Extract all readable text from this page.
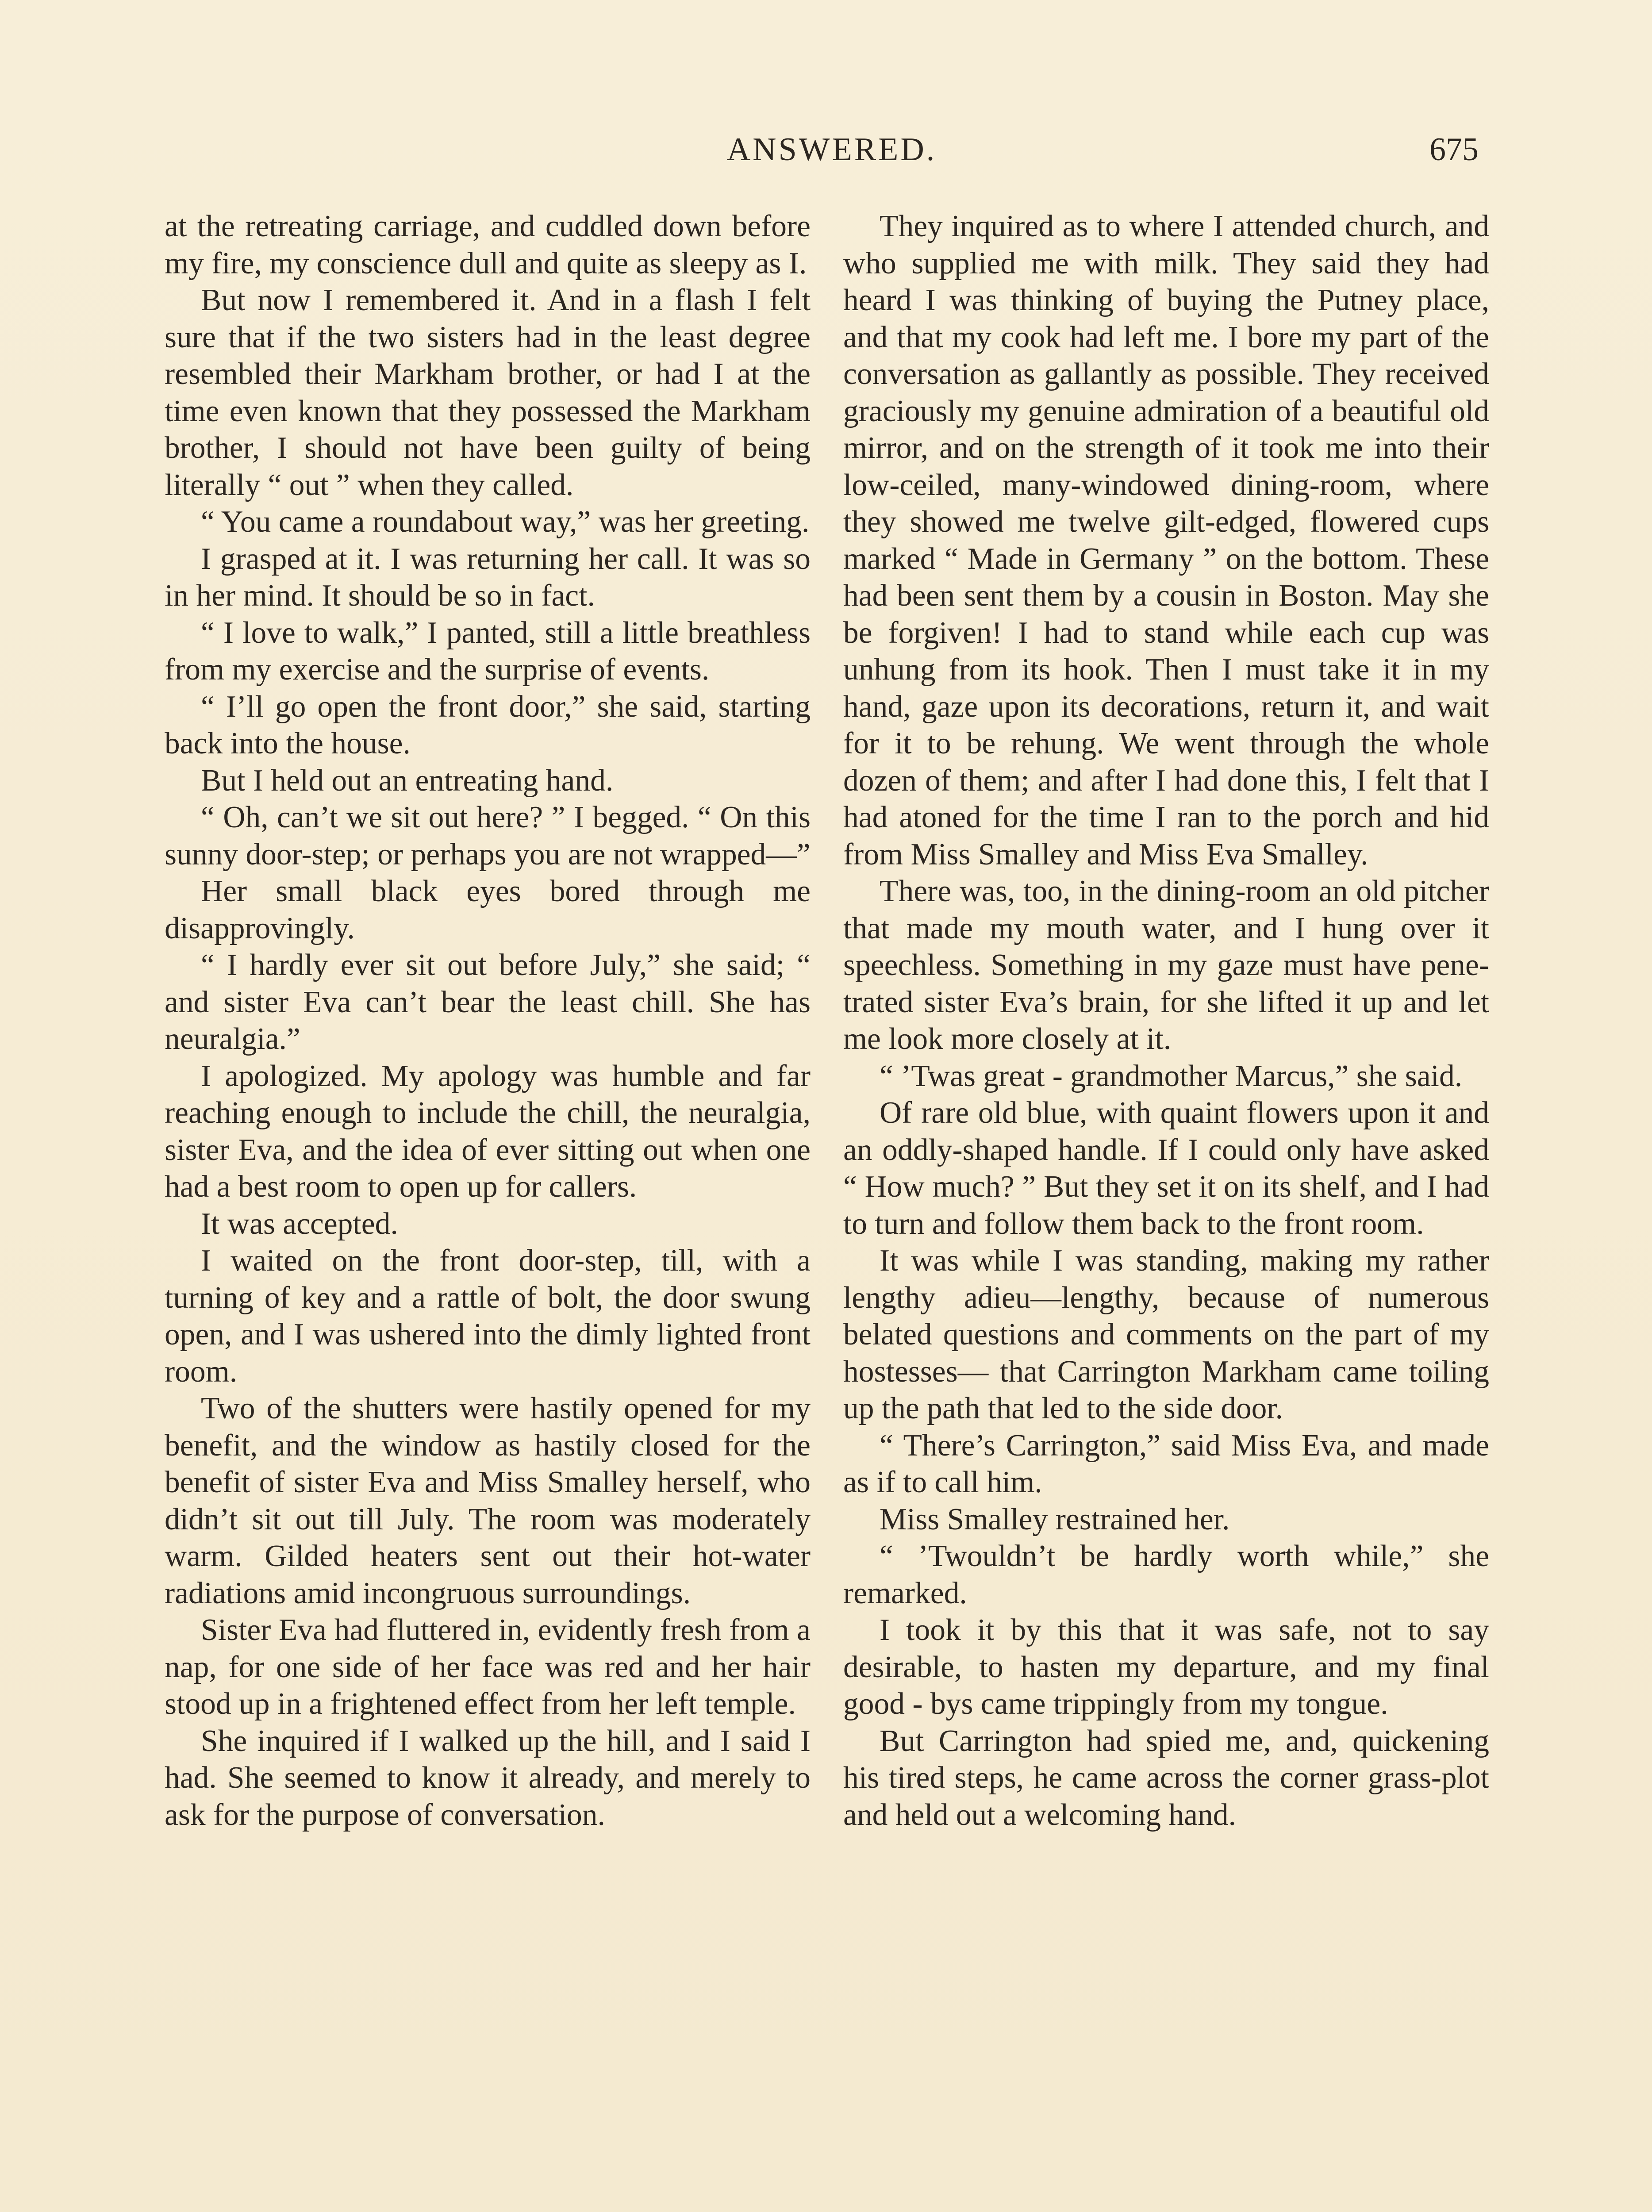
ANSWERED.	675

at the retreating carriage, and cuddled down before my fire, my conscience dull and quite as sleepy as I.

But now I remembered it. And in a flash I felt sure that if the two sisters had in the least degree resembled their Markham brother, or had I at the time even known that they possessed the Markham brother, I should not have been guilty of being literally “ out ” when they called.

“ You came a roundabout way,” was her greeting.

I grasped at it. I was returning her call. It was so in her mind. It should be so in fact.

“ I love to walk,” I panted, still a little breathless from my exercise and the surprise of events.

“ I’ll go open the front door,” she said, starting back into the house.

But I held out an entreating hand.

“ Oh, can’t we sit out here? ” I begged. “ On this sunny door-step; or perhaps you are not wrapped—”

Her small black eyes bored through me disapprovingly.

“ I hardly ever sit out before July,” she said; “ and sister Eva can’t bear the least chill. She has neuralgia.”

I apologized. My apology was humble and far reaching enough to include the chill, the neuralgia, sister Eva, and the idea of ever sitting out when one had a best room to open up for callers.

It was accepted.

I waited on the front door-step, till, with a turning of key and a rattle of bolt, the door swung open, and I was ushered into the dimly lighted front room.

Two of the shutters were hastily opened for my benefit, and the window as hastily closed for the benefit of sister Eva and Miss Smalley herself, who didn’t sit out till July. The room was moderately warm. Gilded heaters sent out their hot-water radiations amid incongruous surroundings.

Sister Eva had fluttered in, evidently fresh from a nap, for one side of her face was red and her hair stood up in a frightened effect from her left temple.

She inquired if I walked up the hill, and I said I had. She seemed to know it already, and merely to ask for the purpose of conversation.

They inquired as to where I attended church, and who supplied me with milk. They said they had heard I was thinking of buying the Putney place, and that my cook had left me. I bore my part of the conversation as gallantly as possible. They received graciously my genuine admiration of a beautiful old mirror, and on the strength of it took me into their low-ceiled, many-windowed dining-room, where they showed me twelve gilt-edged, flowered cups marked “ Made in Germany ” on the bottom. These had been sent them by a cousin in Boston. May she be forgiven! I had to stand while each cup was unhung from its hook. Then I must take it in my hand, gaze upon its decorations, return it, and wait for it to be rehung. We went through the whole dozen of them; and after I had done this, I felt that I had atoned for the time I ran to the porch and hid from Miss Smalley and Miss Eva Smalley.

There was, too, in the dining-room an old pitcher that made my mouth water, and I hung over it speechless. Something in my gaze must have penetrated sister Eva’s brain, for she lifted it up and let me look more closely at it.

“ ’Twas great - grandmother Marcus,” she said.

Of rare old blue, with quaint flowers upon it and an oddly-shaped handle. If I could only have asked “ How much? ” But they set it on its shelf, and I had to turn and follow them back to the front room.

It was while I was standing, making my rather lengthy adieu—lengthy, because of numerous belated questions and comments on the part of my hostesses— that Carrington Markham came toiling up the path that led to the side door.

“ There’s Carrington,” said Miss Eva, and made as if to call him.

Miss Smalley restrained her.

“ ’Twouldn’t be hardly worth while,” she remarked.

I took it by this that it was safe, not to say desirable, to hasten my departure, and my final good - bys came trippingly from my tongue.

But Carrington had spied me, and, quickening his tired steps, he came across the corner grass-plot and held out a welcoming hand.
